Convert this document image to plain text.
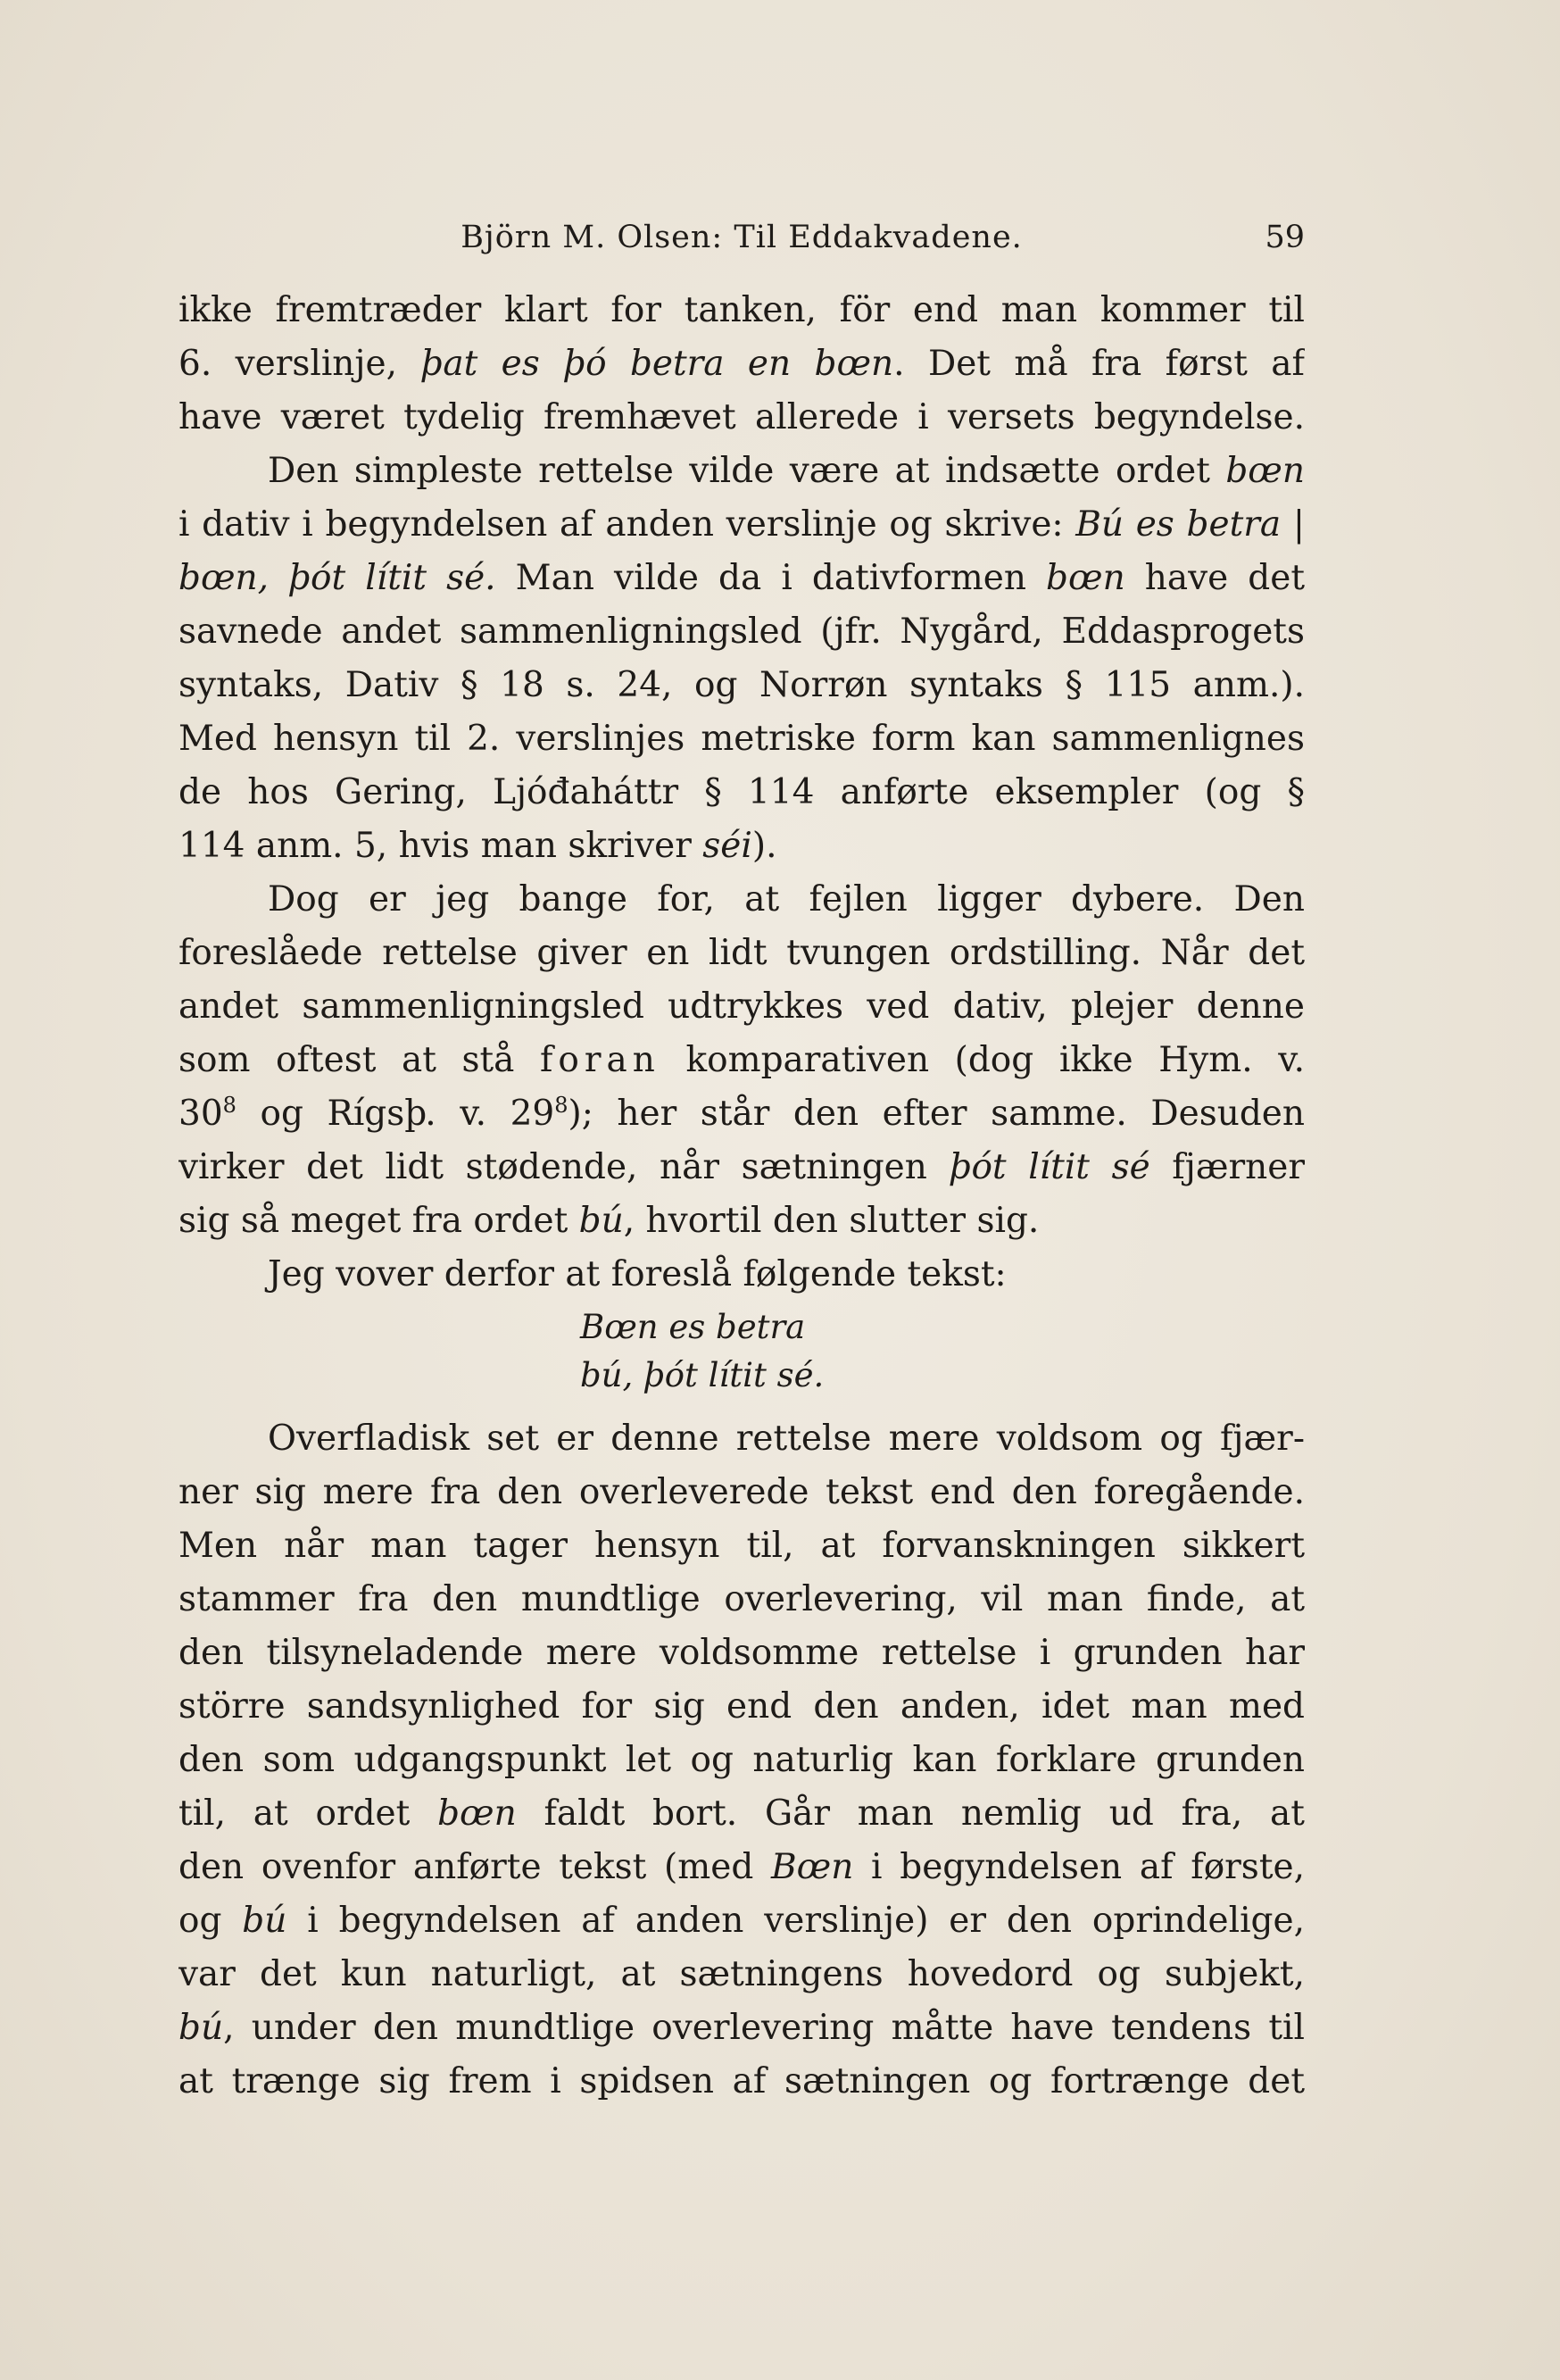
Björn M. Olsen: Til Eddakvadene.	59
ikke fremtræder klart for tanken, för end man kommer til
6. verslinje, þat es þó betra en bœn. Det må fra først af
have været tydelig fremhævet allerede i versets begyndelse.
Den simpleste rettelse vilde være at indsætte ordet bœn
i dativ i begyndelsen af anden verslinje og skrive: Bú es betra |
bœn, þót lítit sé. Man vilde da i dativformen bœn have det
savnede andet sammenligningsled (jfr. Nygård, Eddasprogets
syntaks, Dativ § 18 s. 24, og Norrøn syntaks § 115 anm.).
Med hensyn til 2. verslinjes metriske form kan sammenlignes
de hos Gering, Ljóđaháttr § 114 anførte eksempler (og §
114 anm. 5, hvis man skriver séi).
Dog er jeg bange for, at fejlen ligger dybere. Den
foreslåede rettelse giver en lidt tvungen ordstilling. Når det
andet sammenligningsled udtrykkes ved dativ, plejer denne
som oftest at stå foran komparativen (dog ikke Hym. v.
$30^8$ og Rígsþ. v. $29^8$); her står den efter samme. Desuden
virker det lidt stødende, når sætningen þót lítit sé fjærner
sig så meget fra ordet bú, hvortil den slutter sig.
Jeg vover derfor at foreslå følgende tekst:
Bœn es betra
bú, þót lítit sé.
Overfladisk set er denne rettelse mere voldsom og fjær-
ner sig mere fra den overleverede tekst end den foregående.
Men når man tager hensyn til, at forvanskningen sikkert
stammer fra den mundtlige overlevering, vil man finde, at
den tilsyneladende mere voldsomme rettelse i grunden har
större sandsynlighed for sig end den anden, idet man med
den som udgangspunkt let og naturlig kan forklare grunden
til, at ordet bœn faldt bort. Går man nemlig ud fra, at
den ovenfor anførte tekst (med Bœn i begyndelsen af første,
og bú i begyndelsen af anden verslinje) er den oprindelige,
var det kun naturligt, at sætningens hovedord og subjekt,
bú, under den mundtlige overlevering måtte have tendens til
at trænge sig frem i spidsen af sætningen og fortrænge det
